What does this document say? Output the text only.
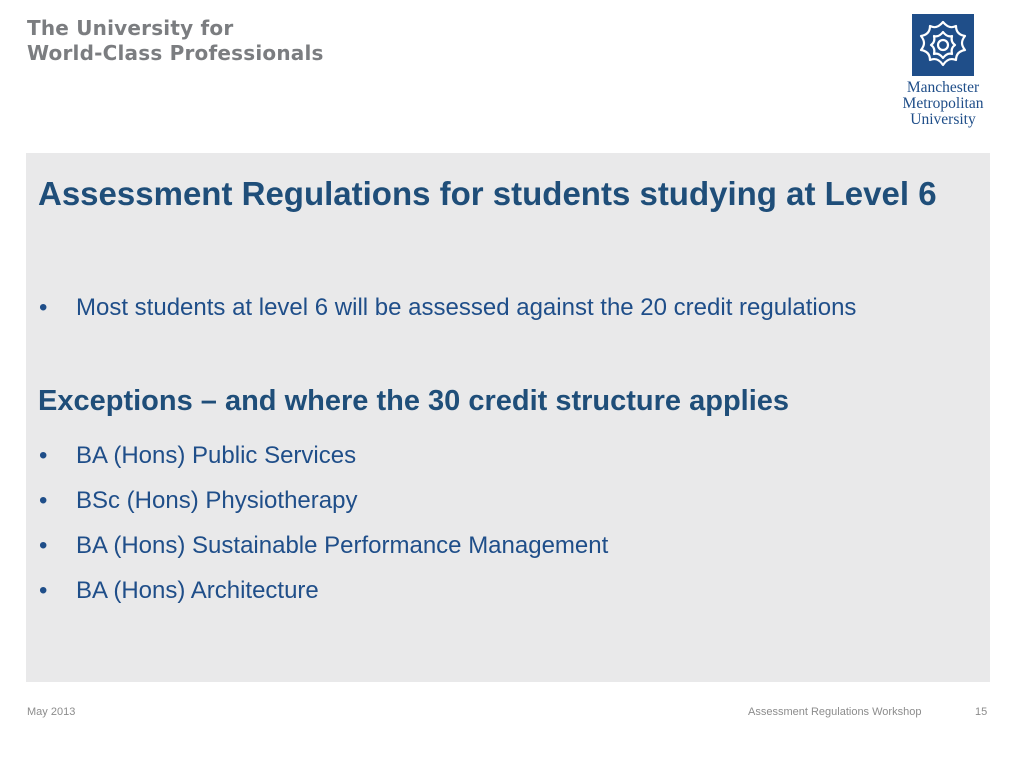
The University for
World-Class Professionals

Manchester
Metropolitan
University
Assessment Regulations for students studying at Level 6
• Most students at level 6 will be assessed against the 20 credit regulations
Exceptions – and where the 30 credit structure applies
• BA (Hons) Public Services
• BSc (Hons) Physiotherapy
• BA (Hons) Sustainable Performance Management
• BA (Hons) Architecture

May 2013	Assessment Regulations Workshop	15
